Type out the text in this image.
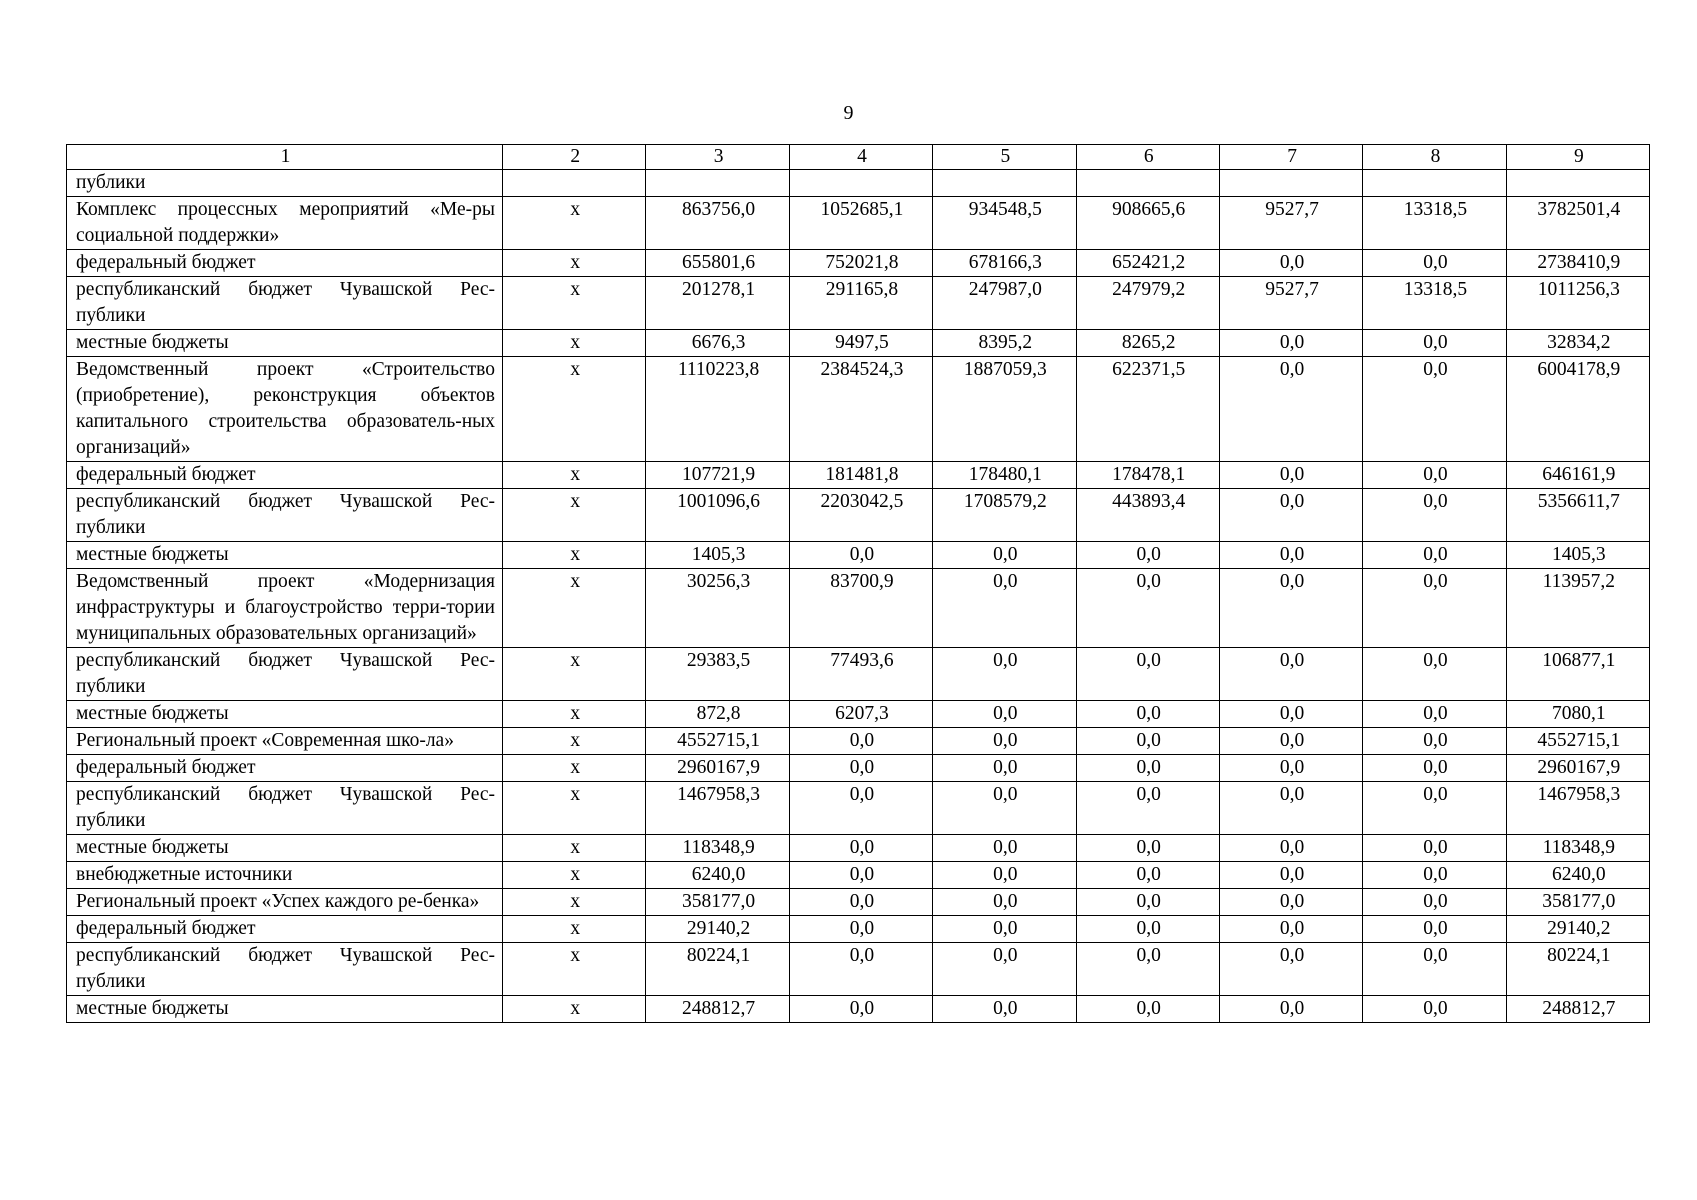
9
1	2	3	4	5	6	7	8	9
публики								
Комплекс процессных мероприятий «Ме-ры социальной поддержки»	х	863756,0	1052685,1	934548,5	908665,6	9527,7	13318,5	3782501,4
федеральный бюджет	х	655801,6	752021,8	678166,3	652421,2	0,0	0,0	2738410,9
республиканский бюджет Чувашской Рес-публики	х	201278,1	291165,8	247987,0	247979,2	9527,7	13318,5	1011256,3
местные бюджеты	х	6676,3	9497,5	8395,2	8265,2	0,0	0,0	32834,2
Ведомственный проект «Строительство (приобретение), реконструкция объектов капитального строительства образователь-ных организаций»	х	1110223,8	2384524,3	1887059,3	622371,5	0,0	0,0	6004178,9
федеральный бюджет	х	107721,9	181481,8	178480,1	178478,1	0,0	0,0	646161,9
республиканский бюджет Чувашской Рес-публики	х	1001096,6	2203042,5	1708579,2	443893,4	0,0	0,0	5356611,7
местные бюджеты	х	1405,3	0,0	0,0	0,0	0,0	0,0	1405,3
Ведомственный проект «Модернизация инфраструктуры и благоустройство терри-тории муниципальных образовательных организаций»	х	30256,3	83700,9	0,0	0,0	0,0	0,0	113957,2
республиканский бюджет Чувашской Рес-публики	х	29383,5	77493,6	0,0	0,0	0,0	0,0	106877,1
местные бюджеты	х	872,8	6207,3	0,0	0,0	0,0	0,0	7080,1
Региональный проект «Современная шко-ла»	х	4552715,1	0,0	0,0	0,0	0,0	0,0	4552715,1
федеральный бюджет	х	2960167,9	0,0	0,0	0,0	0,0	0,0	2960167,9
республиканский бюджет Чувашской Рес-публики	х	1467958,3	0,0	0,0	0,0	0,0	0,0	1467958,3
местные бюджеты	х	118348,9	0,0	0,0	0,0	0,0	0,0	118348,9
внебюджетные источники	х	6240,0	0,0	0,0	0,0	0,0	0,0	6240,0
Региональный проект «Успех каждого ре-бенка»	х	358177,0	0,0	0,0	0,0	0,0	0,0	358177,0
федеральный бюджет	х	29140,2	0,0	0,0	0,0	0,0	0,0	29140,2
республиканский бюджет Чувашской Рес-публики	х	80224,1	0,0	0,0	0,0	0,0	0,0	80224,1
местные бюджеты	х	248812,7	0,0	0,0	0,0	0,0	0,0	248812,7
